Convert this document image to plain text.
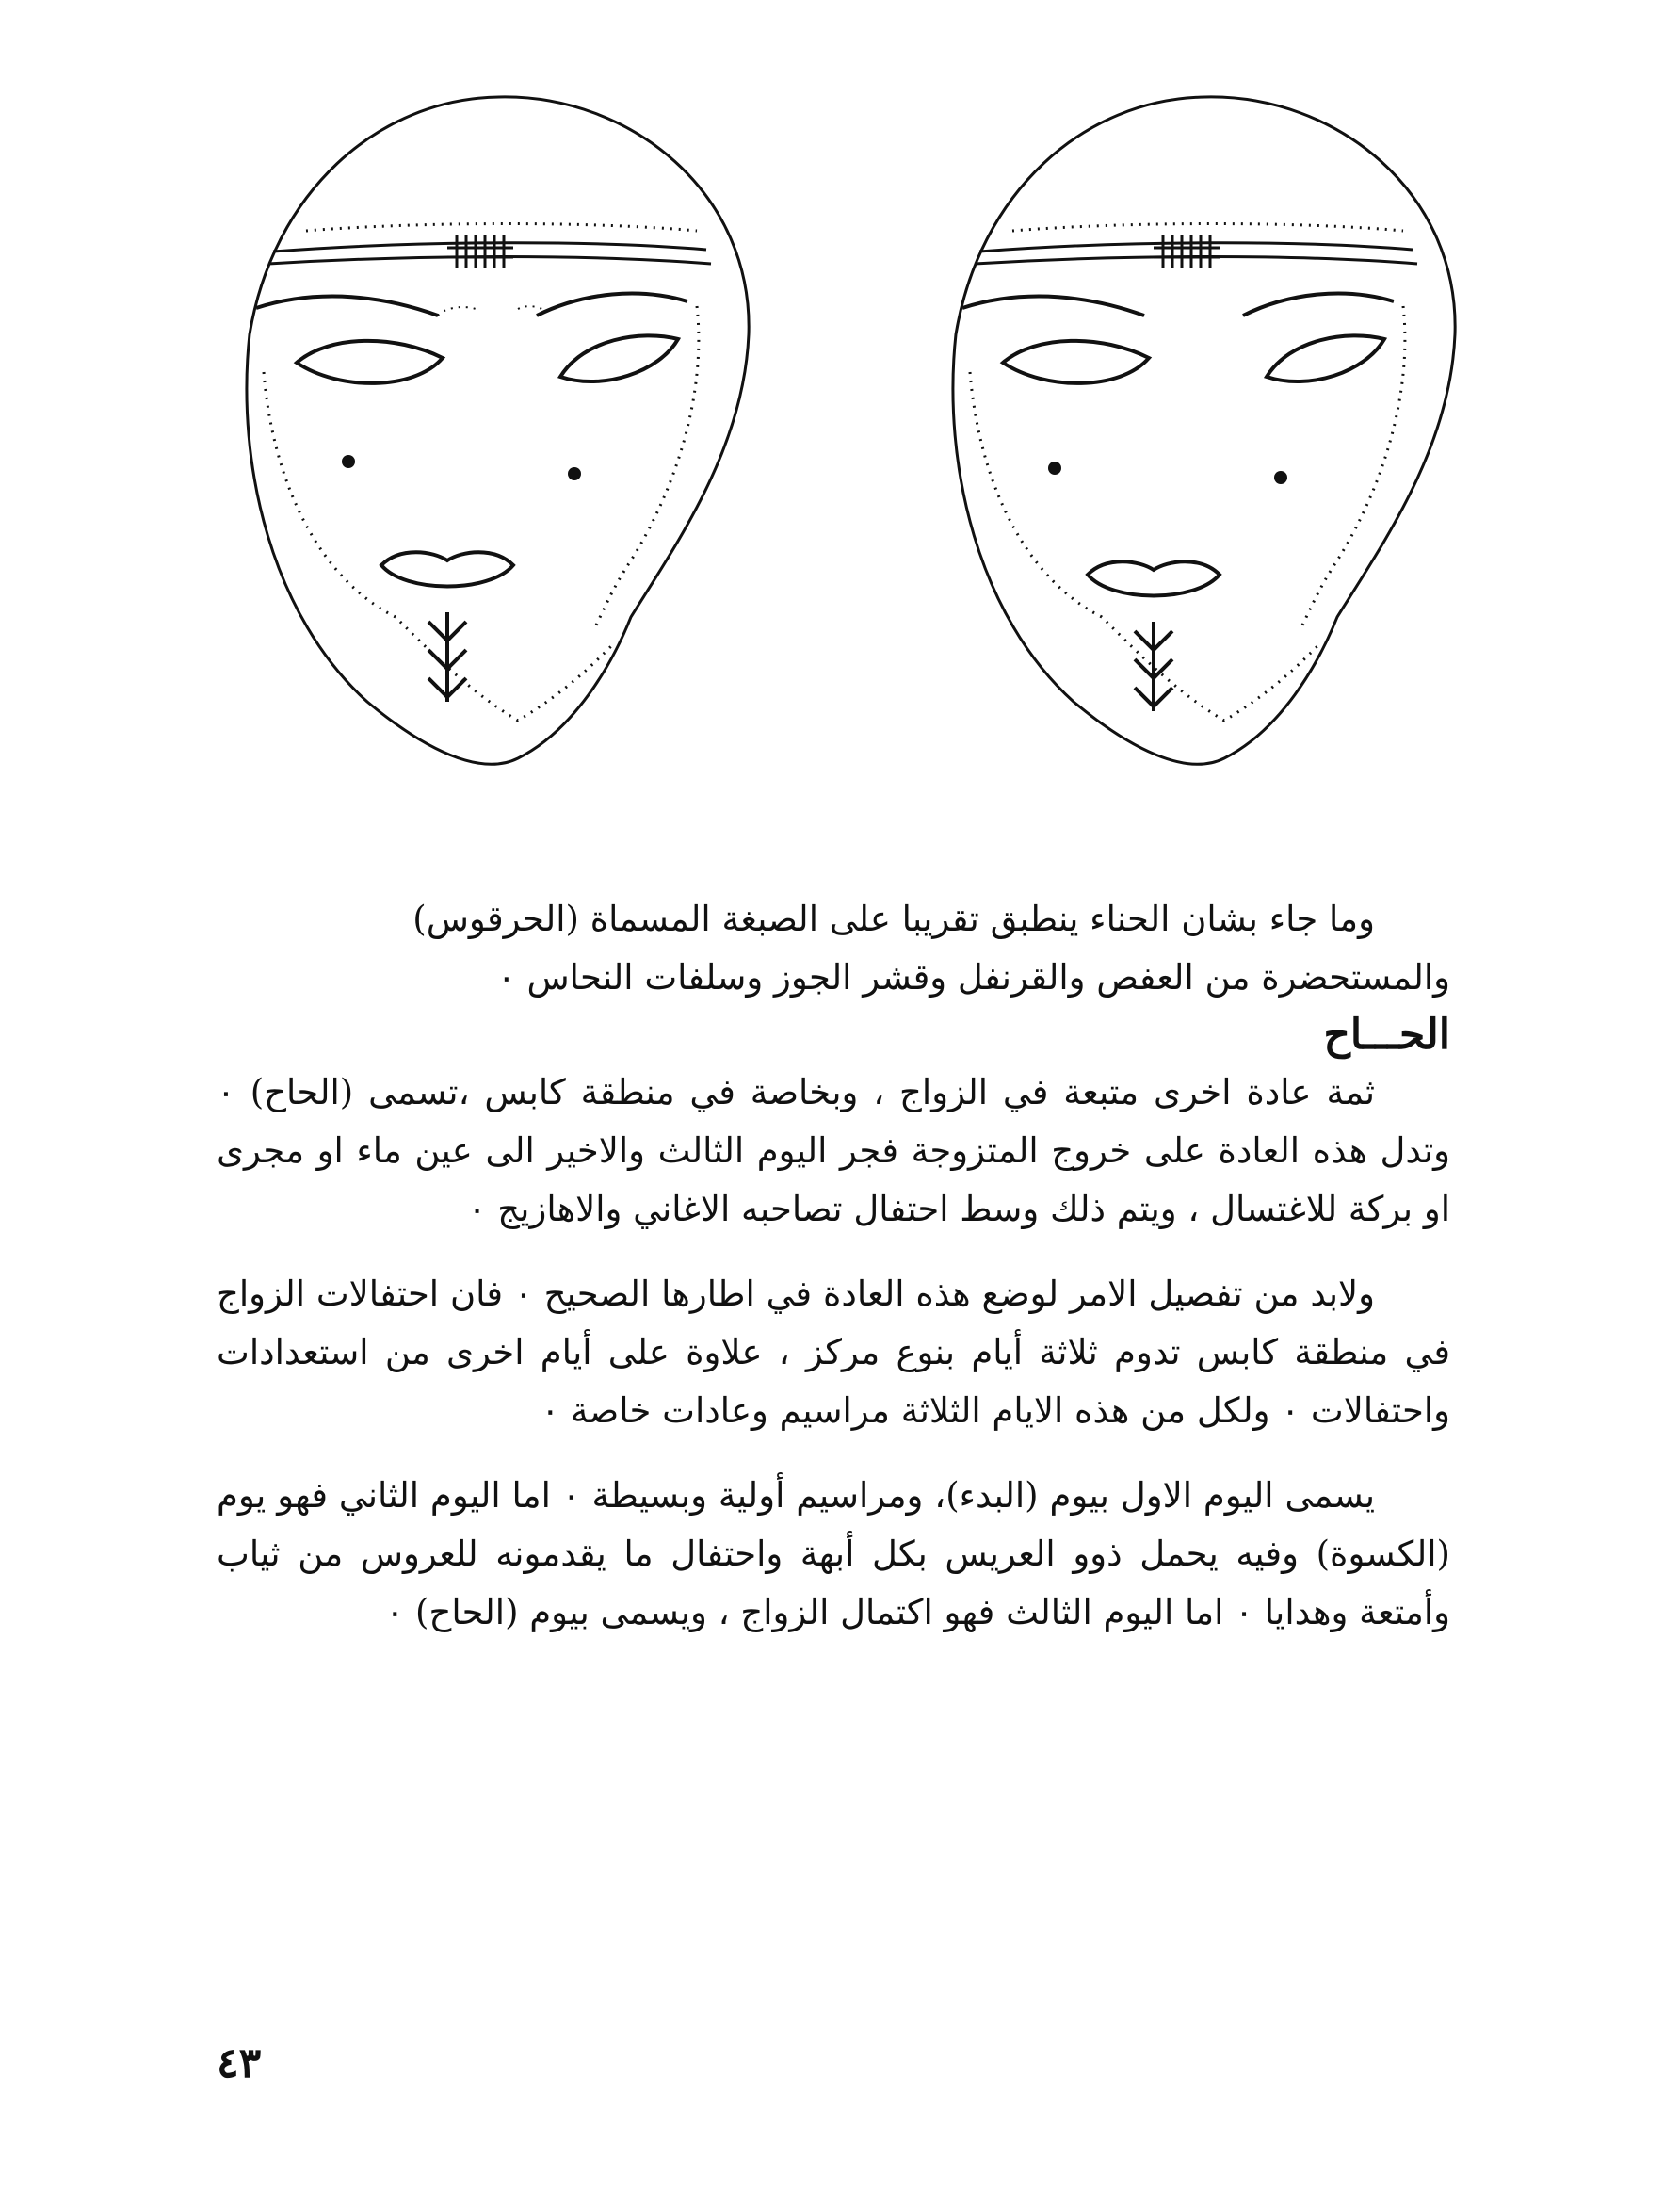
وما جاء بشان الحناء ينطبق تقريبا على الصبغة المسماة (الحرقوس)

والمستحضرة من العفص والقرنفل وقشر الجوز وسلفات النحاس ٠

الحـــاح

ثمة عادة اخرى متبعة في الزواج ، وبخاصة في منطقة كابس ،تسمى (الحاح) ٠ وتدل هذه العادة على خروج المتزوجة فجر اليوم الثالث والاخير الى عين ماء او مجرى او بركة للاغتسال ، ويتم ذلك وسط احتفال تصاحبه الاغاني والاهازيج ٠

ولابد من تفصيل الامر لوضع هذه العادة في اطارها الصحيح ٠ فان احتفالات الزواج في منطقة كابس تدوم ثلاثة أيام بنوع مركز ، علاوة على أيام اخرى من استعدادات واحتفالات ٠ ولكل من هذه الايام الثلاثة مراسيم وعادات خاصة ٠

يسمى اليوم الاول بيوم (البدء)، ومراسيم أولية وبسيطة ٠ اما اليوم الثاني فهو يوم (الكسوة) وفيه يحمل ذوو العريس بكل أبهة واحتفال ما يقدمونه للعروس من ثياب وأمتعة وهدايا ٠ اما اليوم الثالث فهو اكتمال الزواج ، ويسمى بيوم (الحاح) ٠

٤٣
